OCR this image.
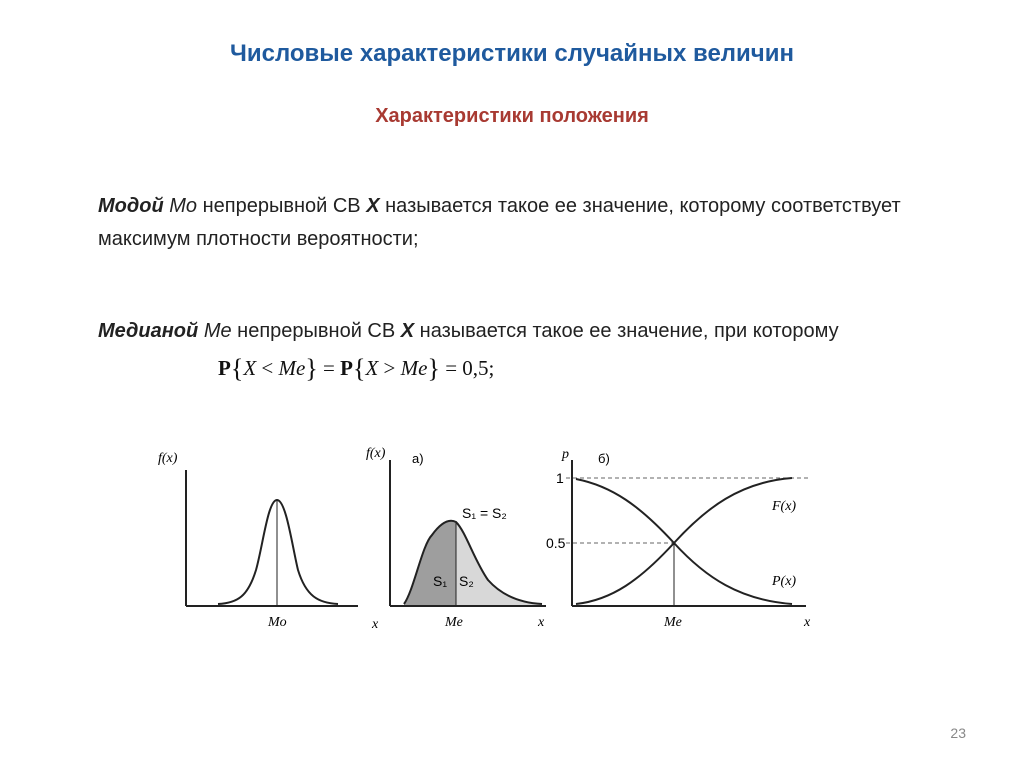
Числовые характеристики случайных величин
Характеристики положения
Модой Mo непрерывной СВ X называется такое ее значение, которому соответствует максимум плотности вероятности;
Медианой Me непрерывной СВ X называется такое ее значение, при которому
P{X < Me} = P{X > Me} = 0,5;
f(x)
x
Mo
f(x) а)
S₁ = S₂
S₁ S₂
x
Me
p б)
1
0.5
F(x)
P(x)
x
Me
23
